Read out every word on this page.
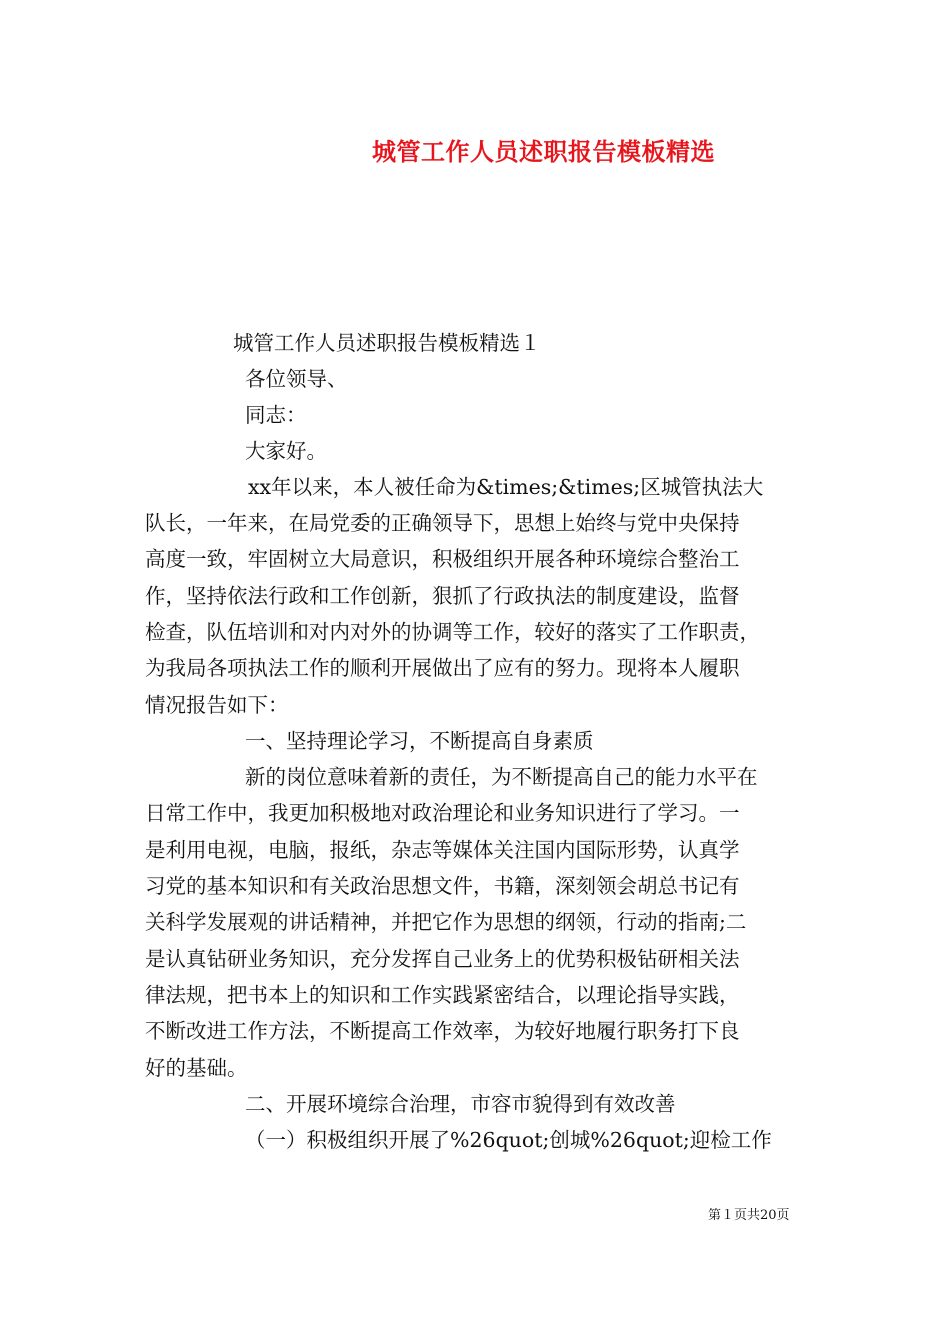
城管工作人员述职报告模板精选
城管工作人员述职报告模板精选１
各位领导、
同志：
大家好。
xx年以来，本人被任命为&times;&times;区城管执法大
队长，一年来，在局党委的正确领导下，思想上始终与党中央保持
高度一致，牢固树立大局意识，积极组织开展各种环境综合整治工
作，坚持依法行政和工作创新，狠抓了行政执法的制度建设，监督
检查，队伍培训和对内对外的协调等工作，较好的落实了工作职责，
为我局各项执法工作的顺利开展做出了应有的努力。现将本人履职
情况报告如下：
一、坚持理论学习，不断提高自身素质
新的岗位意味着新的责任，为不断提高自己的能力水平在
日常工作中，我更加积极地对政治理论和业务知识进行了学习。一
是利用电视，电脑，报纸，杂志等媒体关注国内国际形势，认真学
习党的基本知识和有关政治思想文件，书籍，深刻领会胡总书记有
关科学发展观的讲话精神，并把它作为思想的纲领，行动的指南;二
是认真钻研业务知识，充分发挥自己业务上的优势积极钻研相关法
律法规，把书本上的知识和工作实践紧密结合，以理论指导实践，
不断改进工作方法，不断提高工作效率，为较好地履行职务打下良
好的基础。
二、开展环境综合治理，市容市貌得到有效改善
（一）积极组织开展了%26quot;创城%26quot;迎检工作
第１页共20页
